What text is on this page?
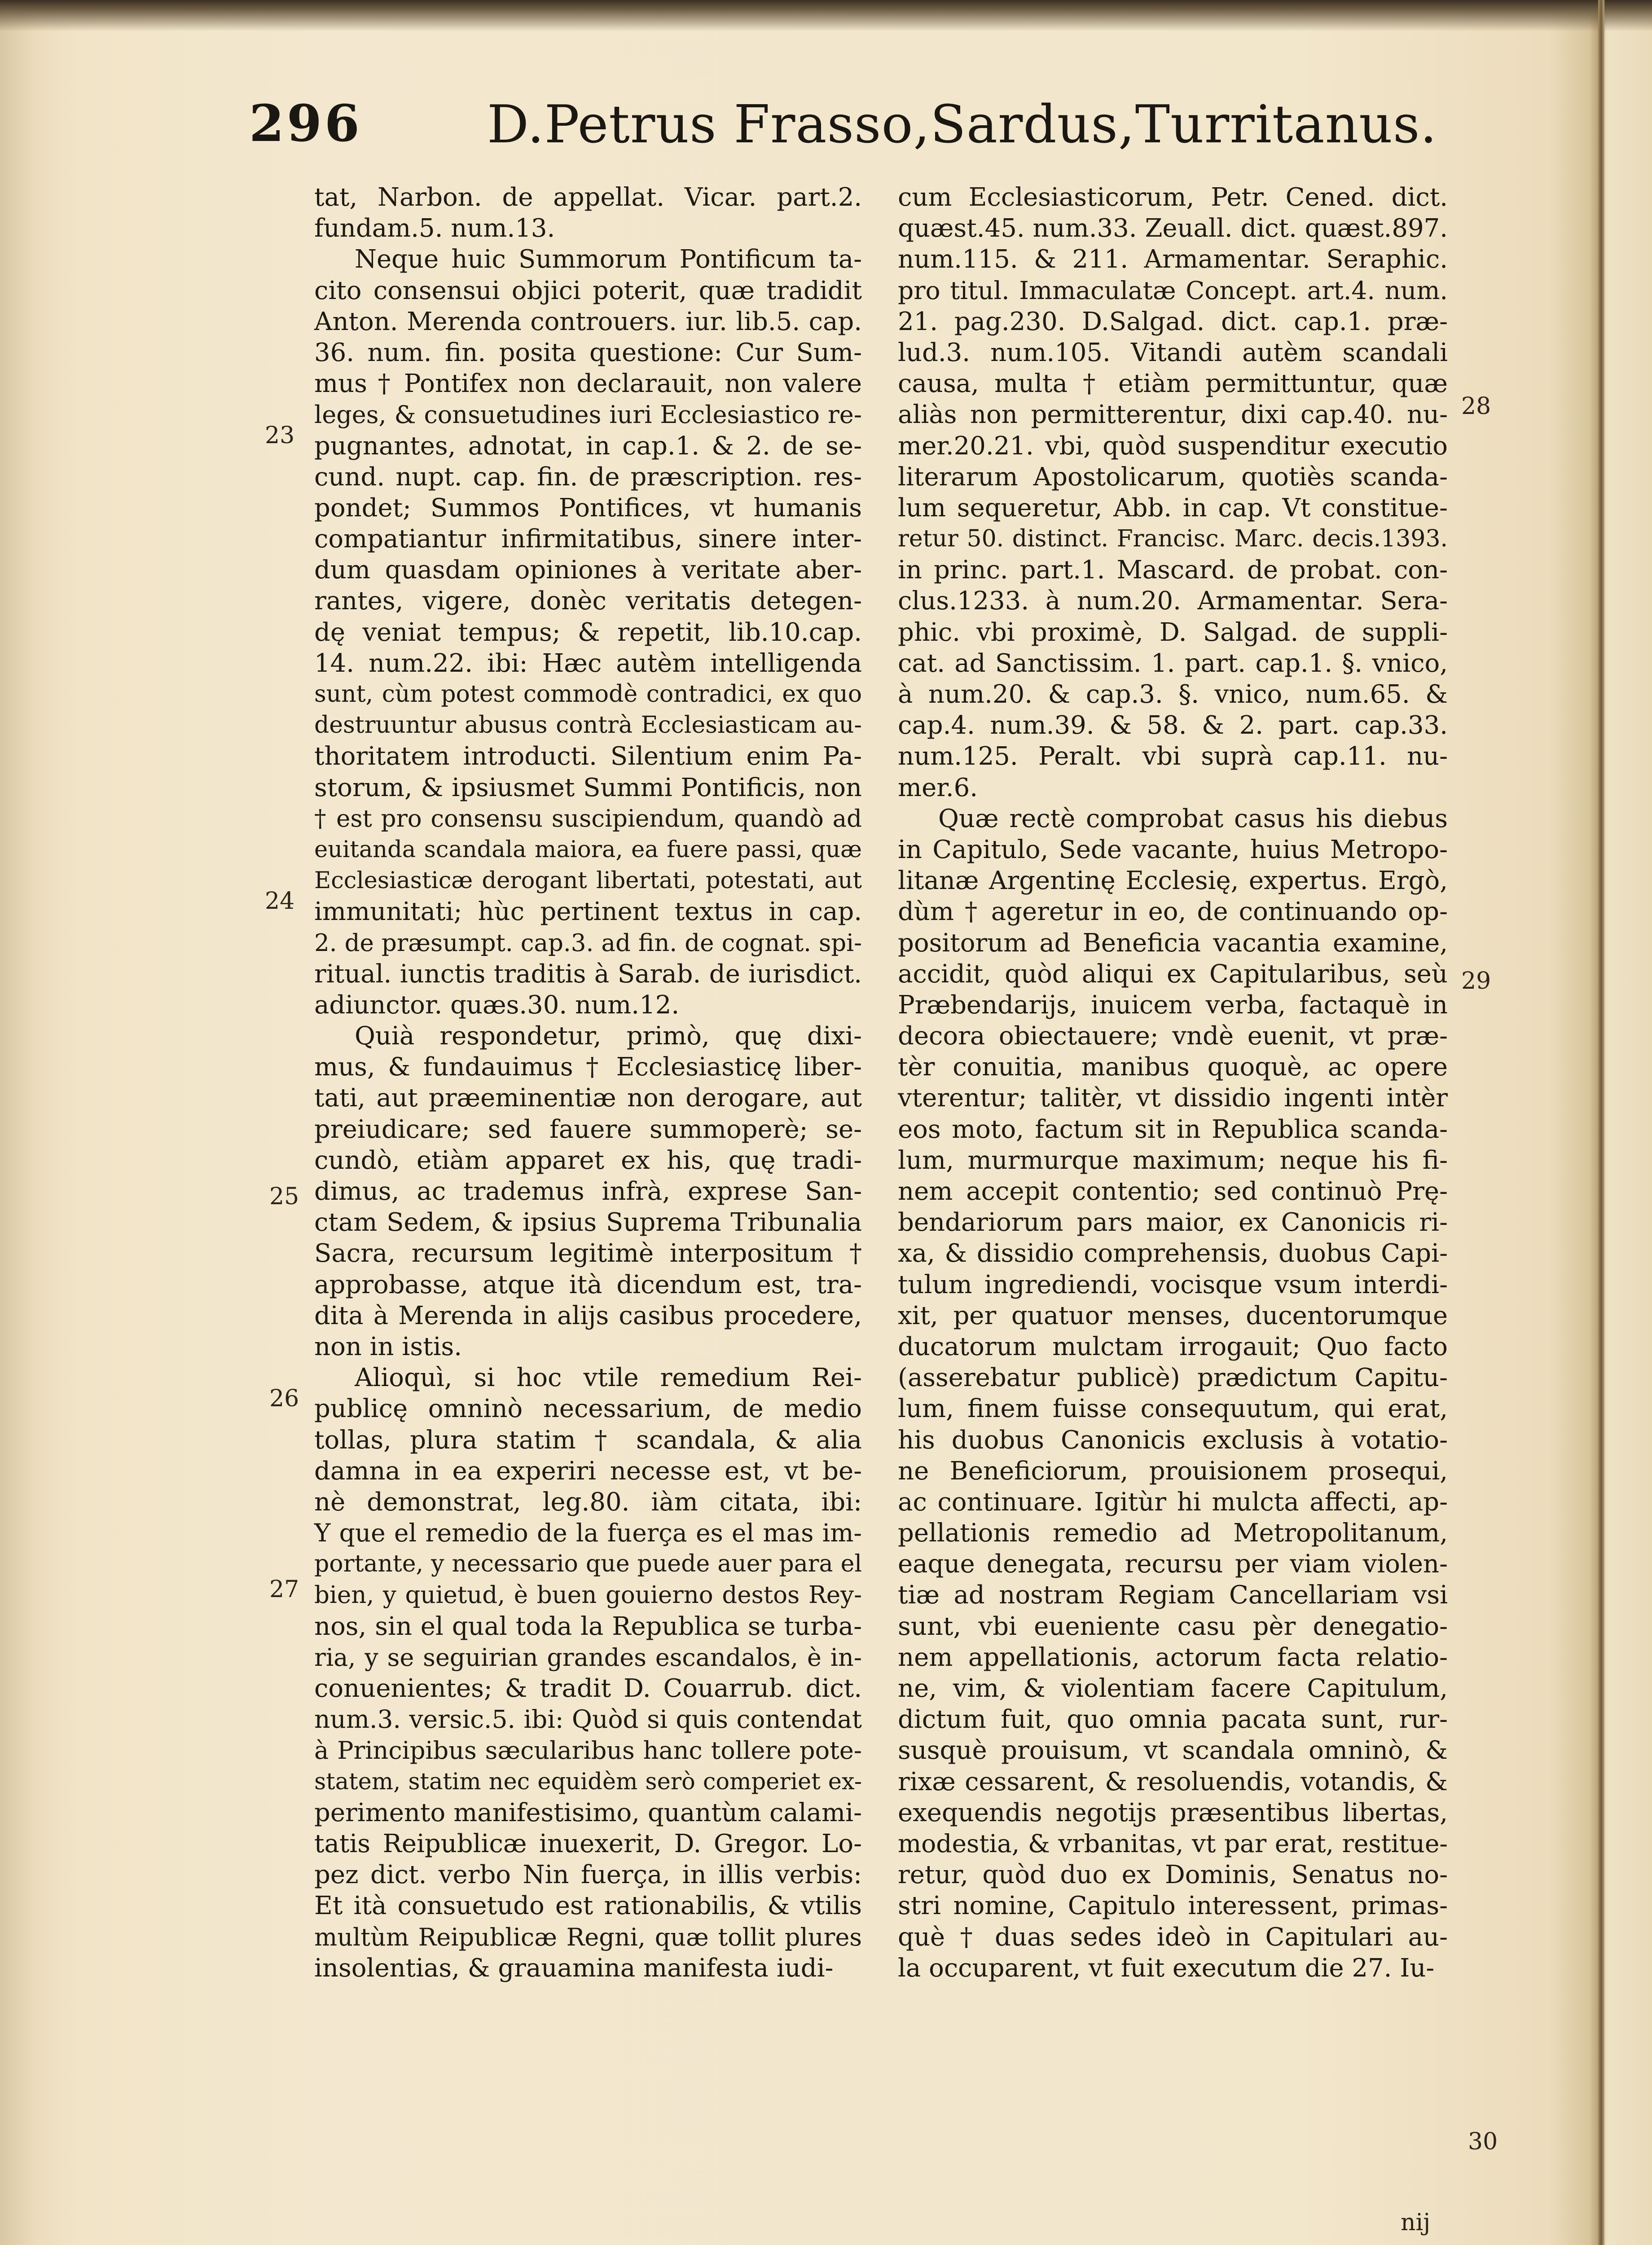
296 D.Petrus Frasso,Sardus,Turritanus.
tat, Narbon. de appellat. Vicar. part.2.
fundam.5. num.13.
Neque huic Summorum Pontificum ta-
cito consensui objici poterit, quæ tradidit
Anton. Merenda controuers. iur. lib.5. cap.
36. num. fin. posita questione: Cur Sum-
mus † Pontifex non declarauit, non valere
leges, & consuetudines iuri Ecclesiastico re-
pugnantes, adnotat, in cap.1. & 2. de se-
cund. nupt. cap. fin. de præscription. res-
pondet; Summos Pontifices, vt humanis
compatiantur infirmitatibus, sinere inter-
dum quasdam opiniones à veritate aber-
rantes, vigere, donèc veritatis detegen-
dę veniat tempus; & repetit, lib.10.cap.
14. num.22. ibi: Hæc autèm intelligenda
sunt, cùm potest commodè contradici, ex quo
destruuntur abusus contrà Ecclesiasticam au-
thoritatem introducti. Silentium enim Pa-
storum, & ipsiusmet Summi Pontificis, non
† est pro consensu suscipiendum, quandò ad
euitanda scandala maiora, ea fuere passi, quæ
Ecclesiasticæ derogant libertati, potestati, aut
immunitati; hùc pertinent textus in cap.
2. de præsumpt. cap.3. ad fin. de cognat. spi-
ritual. iunctis traditis à Sarab. de iurisdict.
adiunctor. quæs.30. num.12.
Quià respondetur, primò, quę dixi-
mus, & fundauimus † Ecclesiasticę liber-
tati, aut præeminentiæ non derogare, aut
preiudicare; sed fauere summoperè; se-
cundò, etiàm apparet ex his, quę tradi-
dimus, ac trademus infrà, exprese San-
ctam Sedem, & ipsius Suprema Tribunalia
Sacra, recursum legitimè interpositum †
approbasse, atque ità dicendum est, tra-
dita à Merenda in alijs casibus procedere,
non in istis.
Alioquì, si hoc vtile remedium Rei-
publicę omninò necessarium, de medio
tollas, plura statim † scandala, & alia
damna in ea experiri necesse est, vt be-
nè demonstrat, leg.80. iàm citata, ibi:
Y que el remedio de la fuerça es el mas im-
portante, y necessario que puede auer para el
bien, y quietud, è buen gouierno destos Rey-
nos, sin el qual toda la Republica se turba-
ria, y se seguirian grandes escandalos, è in-
conuenientes; & tradit D. Couarrub. dict.
num.3. versic.5. ibi: Quòd si quis contendat
à Principibus sæcularibus hanc tollere pote-
statem, statim nec equidèm serò comperiet ex-
perimento manifestisimo, quantùm calami-
tatis Reipublicæ inuexerit, D. Gregor. Lo-
pez dict. verbo Nin fuerça, in illis verbis:
Et ità consuetudo est rationabilis, & vtilis
multùm Reipublicæ Regni, quæ tollit plures
insolentias, & grauamina manifesta iudi-
cum Ecclesiasticorum, Petr. Cened. dict.
quæst.45. num.33. Zeuall. dict. quæst.897.
num.115. & 211. Armamentar. Seraphic.
pro titul. Immaculatæ Concept. art.4. num.
21. pag.230. D.Salgad. dict. cap.1. præ-
lud.3. num.105. Vitandi autèm scandali
causa, multa † etiàm permittuntur, quæ
aliàs non permitterentur, dixi cap.40. nu-
mer.20.21. vbi, quòd suspenditur executio
literarum Apostolicarum, quotiès scanda-
lum sequeretur, Abb. in cap. Vt constitue-
retur 50. distinct. Francisc. Marc. decis.1393.
in princ. part.1. Mascard. de probat. con-
clus.1233. à num.20. Armamentar. Sera-
phic. vbi proximè, D. Salgad. de suppli-
cat. ad Sanctissim. 1. part. cap.1. §. vnico,
à num.20. & cap.3. §. vnico, num.65. &
cap.4. num.39. & 58. & 2. part. cap.33.
num.125. Peralt. vbi suprà cap.11. nu-
mer.6.
Quæ rectè comprobat casus his diebus
in Capitulo, Sede vacante, huius Metropo-
litanæ Argentinę Ecclesię, expertus. Ergò,
dùm † ageretur in eo, de continuando op-
positorum ad Beneficia vacantia examine,
accidit, quòd aliqui ex Capitularibus, seù
Præbendarijs, inuicem verba, factaquè in
decora obiectauere; vndè euenit, vt præ-
tèr conuitia, manibus quoquè, ac opere
vterentur; talitèr, vt dissidio ingenti intèr
eos moto, factum sit in Republica scanda-
lum, murmurque maximum; neque his fi-
nem accepit contentio; sed continuò Prę-
bendariorum pars maior, ex Canonicis ri-
xa, & dissidio comprehensis, duobus Capi-
tulum ingrediendi, vocisque vsum interdi-
xit, per quatuor menses, ducentorumque
ducatorum mulctam irrogauit; Quo facto
(asserebatur publicè) prædictum Capitu-
lum, finem fuisse consequutum, qui erat,
his duobus Canonicis exclusis à votatio-
ne Beneficiorum, prouisionem prosequi,
ac continuare. Igitùr hi mulcta affecti, ap-
pellationis remedio ad Metropolitanum,
eaque denegata, recursu per viam violen-
tiæ ad nostram Regiam Cancellariam vsi
sunt, vbi eueniente casu pèr denegatio-
nem appellationis, actorum facta relatio-
ne, vim, & violentiam facere Capitulum,
dictum fuit, quo omnia pacata sunt, rur-
susquè prouisum, vt scandala omninò, &
rixæ cessarent, & resoluendis, votandis, &
exequendis negotijs præsentibus libertas,
modestia, & vrbanitas, vt par erat, restitue-
retur, quòd duo ex Dominis, Senatus no-
stri nomine, Capitulo interessent, primas-
què † duas sedes ideò in Capitulari au-
la occuparent, vt fuit executum die 27. Iu-
23
24
25
26
27
28
29
30
nij
